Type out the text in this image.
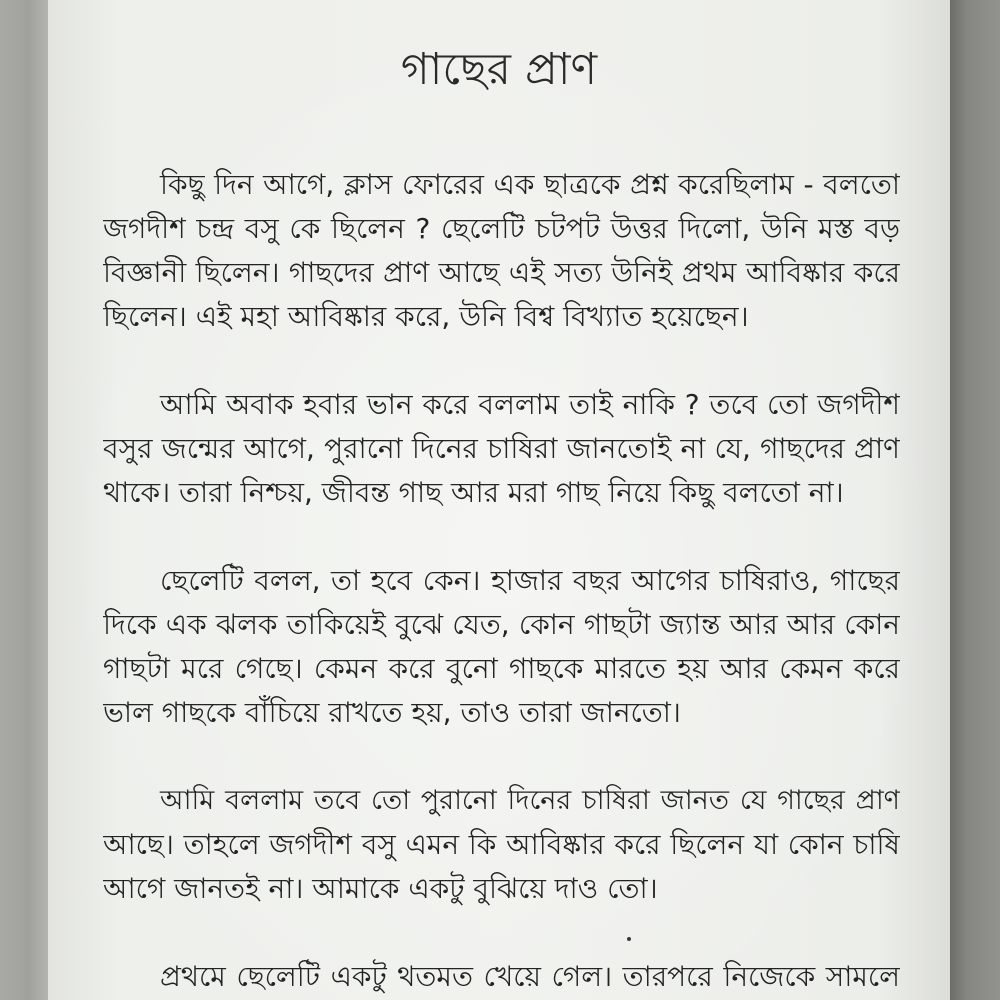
গাছের প্রাণ
কিছু দিন আগে, ক্লাস ফোরের এক ছাত্রকে প্রশ্ন করেছিলাম - বলতো
জগদীশ চন্দ্র বসু কে ছিলেন ? ছেলেটি চটপট উত্তর দিলো, উনি মস্ত বড়
বিজ্ঞানী ছিলেন। গাছদের প্রাণ আছে এই সত্য উনিই প্রথম আবিষ্কার করে
ছিলেন। এই মহা আবিষ্কার করে, উনি বিশ্ব বিখ্যাত হয়েছেন।
আমি অবাক হবার ভান করে বললাম তাই নাকি ? তবে তো জগদীশ
বসুর জন্মের আগে, পুরানো দিনের চাষিরা জানতোই না যে, গাছদের প্রাণ
থাকে। তারা নিশ্চয়, জীবন্ত গাছ আর মরা গাছ নিয়ে কিছু বলতো না।
ছেলেটি বলল, তা হবে কেন। হাজার বছর আগের চাষিরাও, গাছের
দিকে এক ঝলক তাকিয়েই বুঝে যেত, কোন গাছটা জ্যান্ত আর আর কোন
গাছটা মরে গেছে। কেমন করে বুনো গাছকে মারতে হয় আর কেমন করে
ভাল গাছকে বাঁচিয়ে রাখতে হয়, তাও তারা জানতো।
আমি বললাম তবে তো পুরানো দিনের চাষিরা জানত যে গাছের প্রাণ
আছে। তাহলে জগদীশ বসু এমন কি আবিষ্কার করে ছিলেন যা কোন চাষি
আগে জানতই না। আমাকে একটু বুঝিয়ে দাও তো।
প্রথমে ছেলেটি একটু থতমত খেয়ে গেল। তারপরে নিজেকে সামলে
